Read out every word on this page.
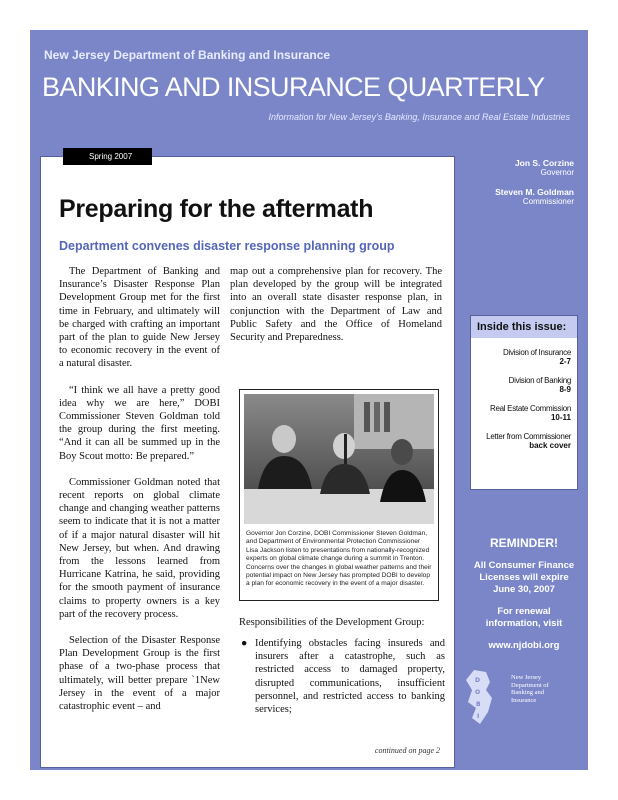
New Jersey Department of Banking and Insurance
BANKING AND INSURANCE QUARTERLY
Information for New Jersey’s Banking, Insurance and Real Estate Industries
Spring 2007
Preparing for the aftermath
Department convenes disaster response planning group

The Department of Banking and Insurance’s Disaster Response Plan Development Group met for the first time in February, and ultimately will be charged with crafting an important part of the plan to guide New Jersey to economic recovery in the event of a natural disaster.

“I think we all have a pretty good idea why we are here,” DOBI Commissioner Steven Goldman told the group during the first meeting. “And it can all be summed up in the Boy Scout motto: Be prepared.”

Commissioner Goldman noted that recent reports on global climate change and changing weather patterns seem to indicate that it is not a matter of if a major natural disaster will hit New Jersey, but when. And drawing from the lessons learned from Hurricane Katrina, he said, providing for the smooth payment of insurance claims to property owners is a key part of the recovery process.

Selection of the Disaster Response Plan Development Group is the first phase of a two-phase process that ultimately, will better prepare `1New Jersey in the event of a major catastrophic event – and

map out a comprehensive plan for recovery. The plan developed by the group will be integrated into an overall state disaster response plan, in conjunction with the Department of Law and Public Safety and the Office of Homeland Security and Preparedness.

Governor Jon Corzine, DOBI Commissioner Steven Goldman, and Department of Environmental Protection Commissioner Lisa Jackson listen to presentations from nationally-recognized experts on global climate change during a summit in Trenton. Concerns over the changes in global weather patterns and their potential impact on New Jersey has prompted DOBI to develop a plan for economic recovery in the event of a major disaster.
Responsibilities of the Development Group:
● Identifying obstacles facing insureds and insurers after a catastrophe, such as restricted access to damaged property, disrupted communications, insufficient personnel, and restricted access to banking services;
continued on page 2
Jon S. Corzine
Governor
Steven M. Goldman
Commissioner
Inside this issue:
Division of Insurance
2-7
Division of Banking
8-9
Real Estate Commission
10-11
Letter from Commissioner
back cover
REMINDER!
All Consumer Finance Licenses will expire June 30, 2007
For renewal information, visit
www.njdobi.org
D
O
B
I
New Jersey Department of Banking and Insurance
